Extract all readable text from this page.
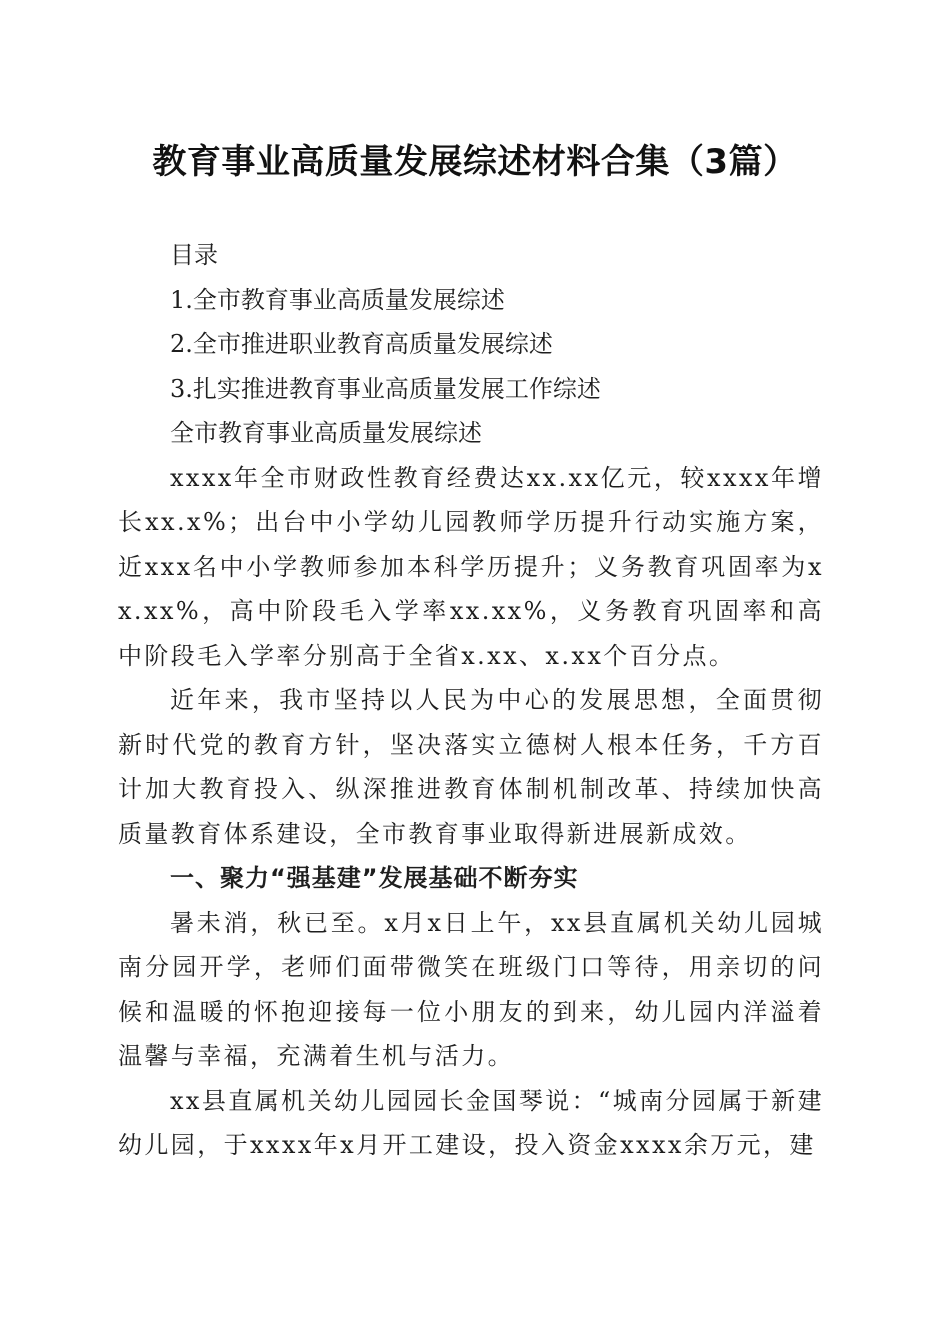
教育事业高质量发展综述材料合集（3篇）
目录
1.全市教育事业高质量发展综述
2.全市推进职业教育高质量发展综述
3.扎实推进教育事业高质量发展工作综述
全市教育事业高质量发展综述

xxxx年全市财政性教育经费达xx.xx亿元，较xxxx年增长xx.x%；出台中小学幼儿园教师学历提升行动实施方案，近xxx名中小学教师参加本科学历提升；义务教育巩固率为xx.xx%，高中阶段毛入学率xx.xx%，义务教育巩固率和高中阶段毛入学率分别高于全省x.xx、x.xx个百分点。

近年来，我市坚持以人民为中心的发展思想，全面贯彻新时代党的教育方针，坚决落实立德树人根本任务，千方百计加大教育投入、纵深推进教育体制机制改革、持续加快高质量教育体系建设，全市教育事业取得新进展新成效。

一、聚力“强基建”发展基础不断夯实

暑未消，秋已至。x月x日上午，xx县直属机关幼儿园城南分园开学，老师们面带微笑在班级门口等待，用亲切的问候和温暖的怀抱迎接每一位小朋友的到来，幼儿园内洋溢着温馨与幸福，充满着生机与活力。

xx县直属机关幼儿园园长金国琴说：“城南分园属于新建幼儿园，于xxxx年x月开工建设，投入资金xxxx余万元，建
